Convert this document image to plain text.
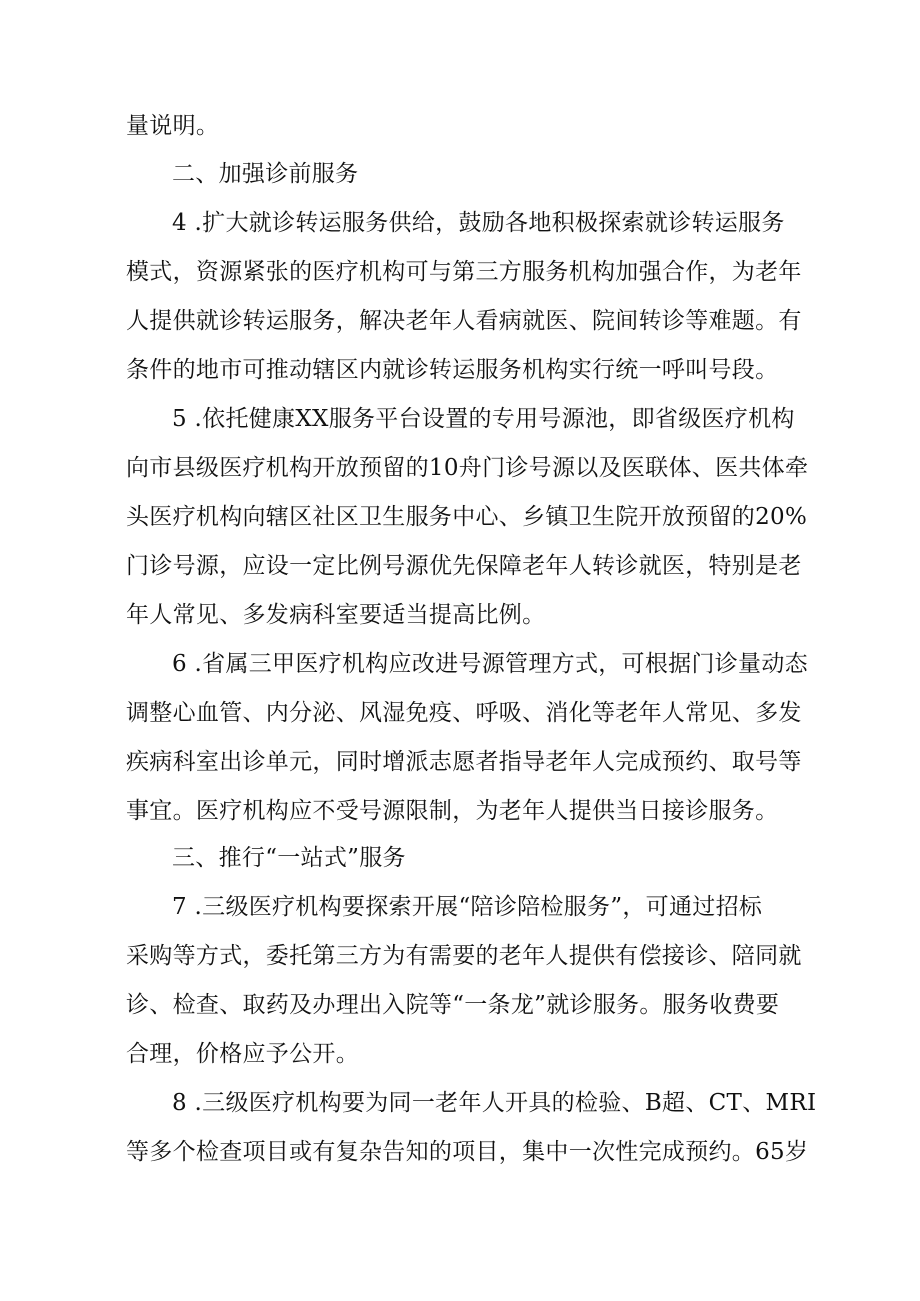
量说明。
二、加强诊前服务
4 .扩大就诊转运服务供给，鼓励各地积极探索就诊转运服务
模式，资源紧张的医疗机构可与第三方服务机构加强合作，为老年
人提供就诊转运服务，解决老年人看病就医、院间转诊等难题。有
条件的地市可推动辖区内就诊转运服务机构实行统一呼叫号段。
5 .依托健康XX服务平台设置的专用号源池，即省级医疗机构
向市县级医疗机构开放预留的10舟门诊号源以及医联体、医共体牵
头医疗机构向辖区社区卫生服务中心、乡镇卫生院开放预留的20%
门诊号源，应设一定比例号源优先保障老年人转诊就医，特别是老
年人常见、多发病科室要适当提高比例。
6 .省属三甲医疗机构应改进号源管理方式，可根据门诊量动态
调整心血管、内分泌、风湿免疫、呼吸、消化等老年人常见、多发
疾病科室出诊单元，同时增派志愿者指导老年人完成预约、取号等
事宜。医疗机构应不受号源限制，为老年人提供当日接诊服务。
三、推行“一站式”服务
7 .三级医疗机构要探索开展“陪诊陪检服务”，可通过招标
采购等方式，委托第三方为有需要的老年人提供有偿接诊、陪同就
诊、检查、取药及办理出入院等“一条龙”就诊服务。服务收费要
合理，价格应予公开。
8 .三级医疗机构要为同一老年人开具的检验、B超、CT、MRI
等多个检查项目或有复杂告知的项目，集中一次性完成预约。65岁
